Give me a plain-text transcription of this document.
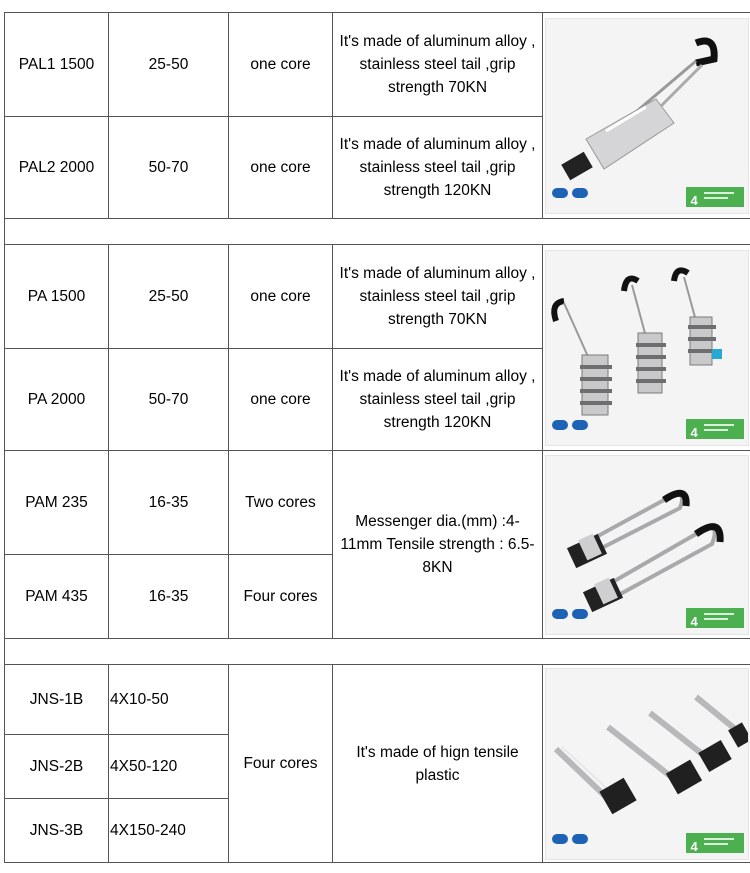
PAL1 1500	25-50	one core	It's made of aluminum alloy , stainless steel tail ,grip strength 70KN	4

PAL2 2000	50-70	one core	It's made of aluminum alloy , stainless steel tail ,grip strength 120KN	

PA 1500	25-50	one core	It's made of aluminum alloy , stainless steel tail ,grip strength 70KN	4

PA 2000	50-70	one core	It's made of aluminum alloy , stainless steel tail ,grip strength 120KN	
PAM 235	16-35	Two cores	Messenger dia.(mm) :4-11mm Tensile strength : 6.5-8KN	4

PAM 435	16-35	Four cores		

JNS-1B	4X10-50	Four cores	It's made of hign tensile plastic	4

JNS-2B	4X50-120			
JNS-3B	4X150-240			
